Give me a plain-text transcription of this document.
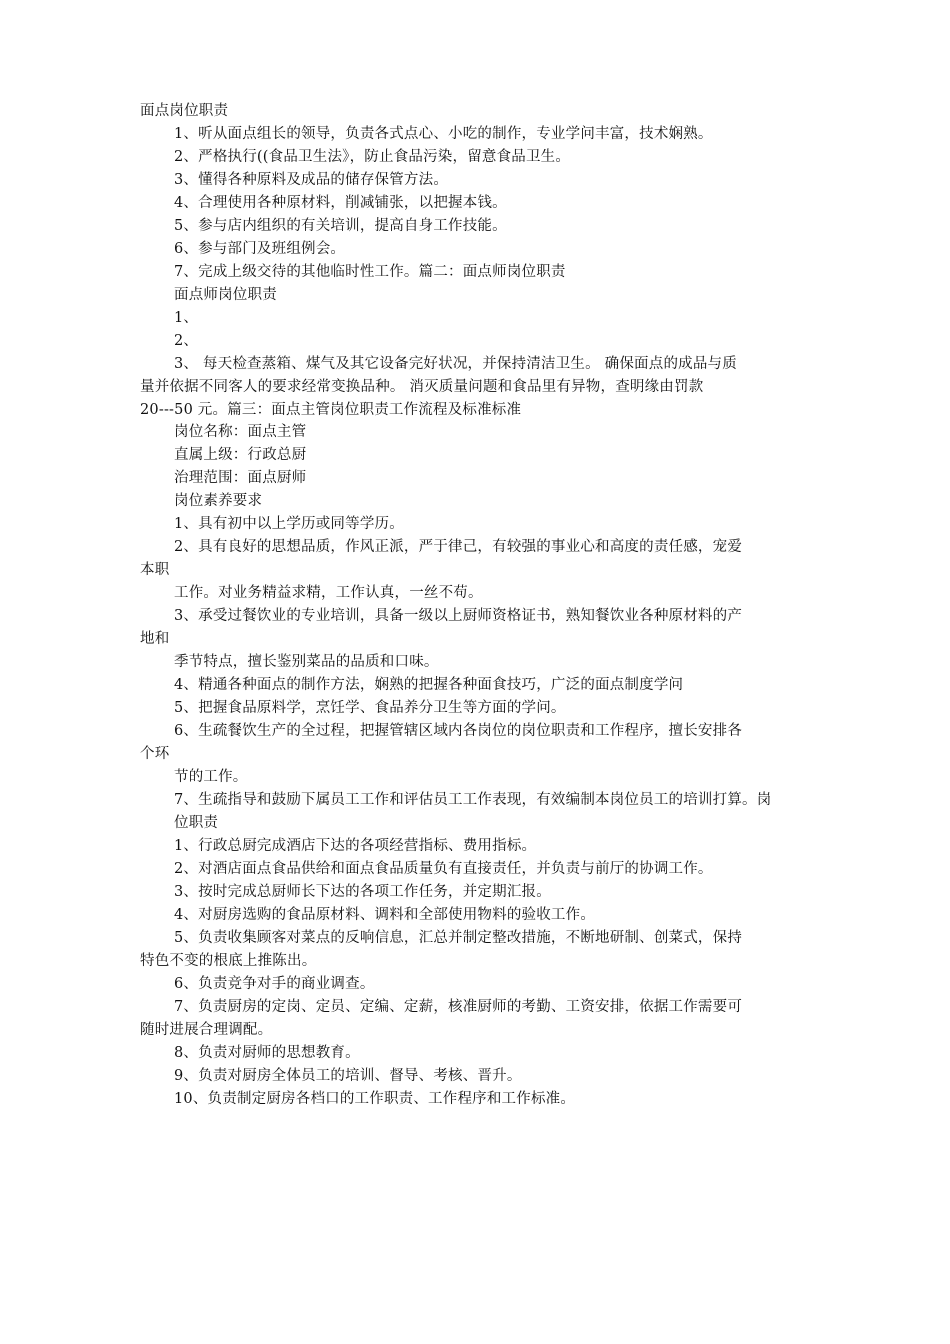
面点岗位职责
1、听从面点组长的领导，负责各式点心、小吃的制作，专业学问丰富，技术娴熟。
2、严格执行((食品卫生法》，防止食品污染，留意食品卫生。
3、懂得各种原料及成品的储存保管方法。
4、合理使用各种原材料，削减铺张，以把握本钱。
5、参与店内组织的有关培训，提高自身工作技能。
6、参与部门及班组例会。
7、完成上级交待的其他临时性工作。篇二：面点师岗位职责
面点师岗位职责
1、
2、
3、 每天检查蒸箱、煤气及其它设备完好状况，并保持清洁卫生。 确保面点的成品与质
量并依据不同客人的要求经常变换品种。 消灭质量问题和食品里有异物，查明缘由罚款
20---50 元。篇三：面点主管岗位职责工作流程及标准标准
岗位名称：面点主管
直属上级：行政总厨
治理范围：面点厨师
岗位素养要求
1、具有初中以上学历或同等学历。
2、具有良好的思想品质，作风正派，严于律己，有较强的事业心和高度的责任感，宠爱
本职
工作。对业务精益求精，工作认真，一丝不苟。
3、承受过餐饮业的专业培训，具备一级以上厨师资格证书，熟知餐饮业各种原材料的产
地和
季节特点，擅长鉴别菜品的品质和口味。
4、精通各种面点的制作方法，娴熟的把握各种面食技巧，广泛的面点制度学问
5、把握食品原料学，烹饪学、食品养分卫生等方面的学问。
6、生疏餐饮生产的全过程，把握管辖区域内各岗位的岗位职责和工作程序，擅长安排各
个环
节的工作。
7、生疏指导和鼓励下属员工工作和评估员工工作表现，有效编制本岗位员工的培训打算。岗
位职责
1、行政总厨完成酒店下达的各项经营指标、费用指标。
2、对酒店面点食品供给和面点食品质量负有直接责任，并负责与前厅的协调工作。
3、按时完成总厨师长下达的各项工作任务，并定期汇报。
4、对厨房选购的食品原材料、调料和全部使用物料的验收工作。
5、负责收集顾客对菜点的反响信息，汇总并制定整改措施，不断地研制、创菜式，保持
特色不变的根底上推陈出。
6、负责竞争对手的商业调查。
7、负责厨房的定岗、定员、定编、定薪，核准厨师的考勤、工资安排，依据工作需要可
随时进展合理调配。
8、负责对厨师的思想教育。
9、负责对厨房全体员工的培训、督导、考核、晋升。
10、负责制定厨房各档口的工作职责、工作程序和工作标准。
